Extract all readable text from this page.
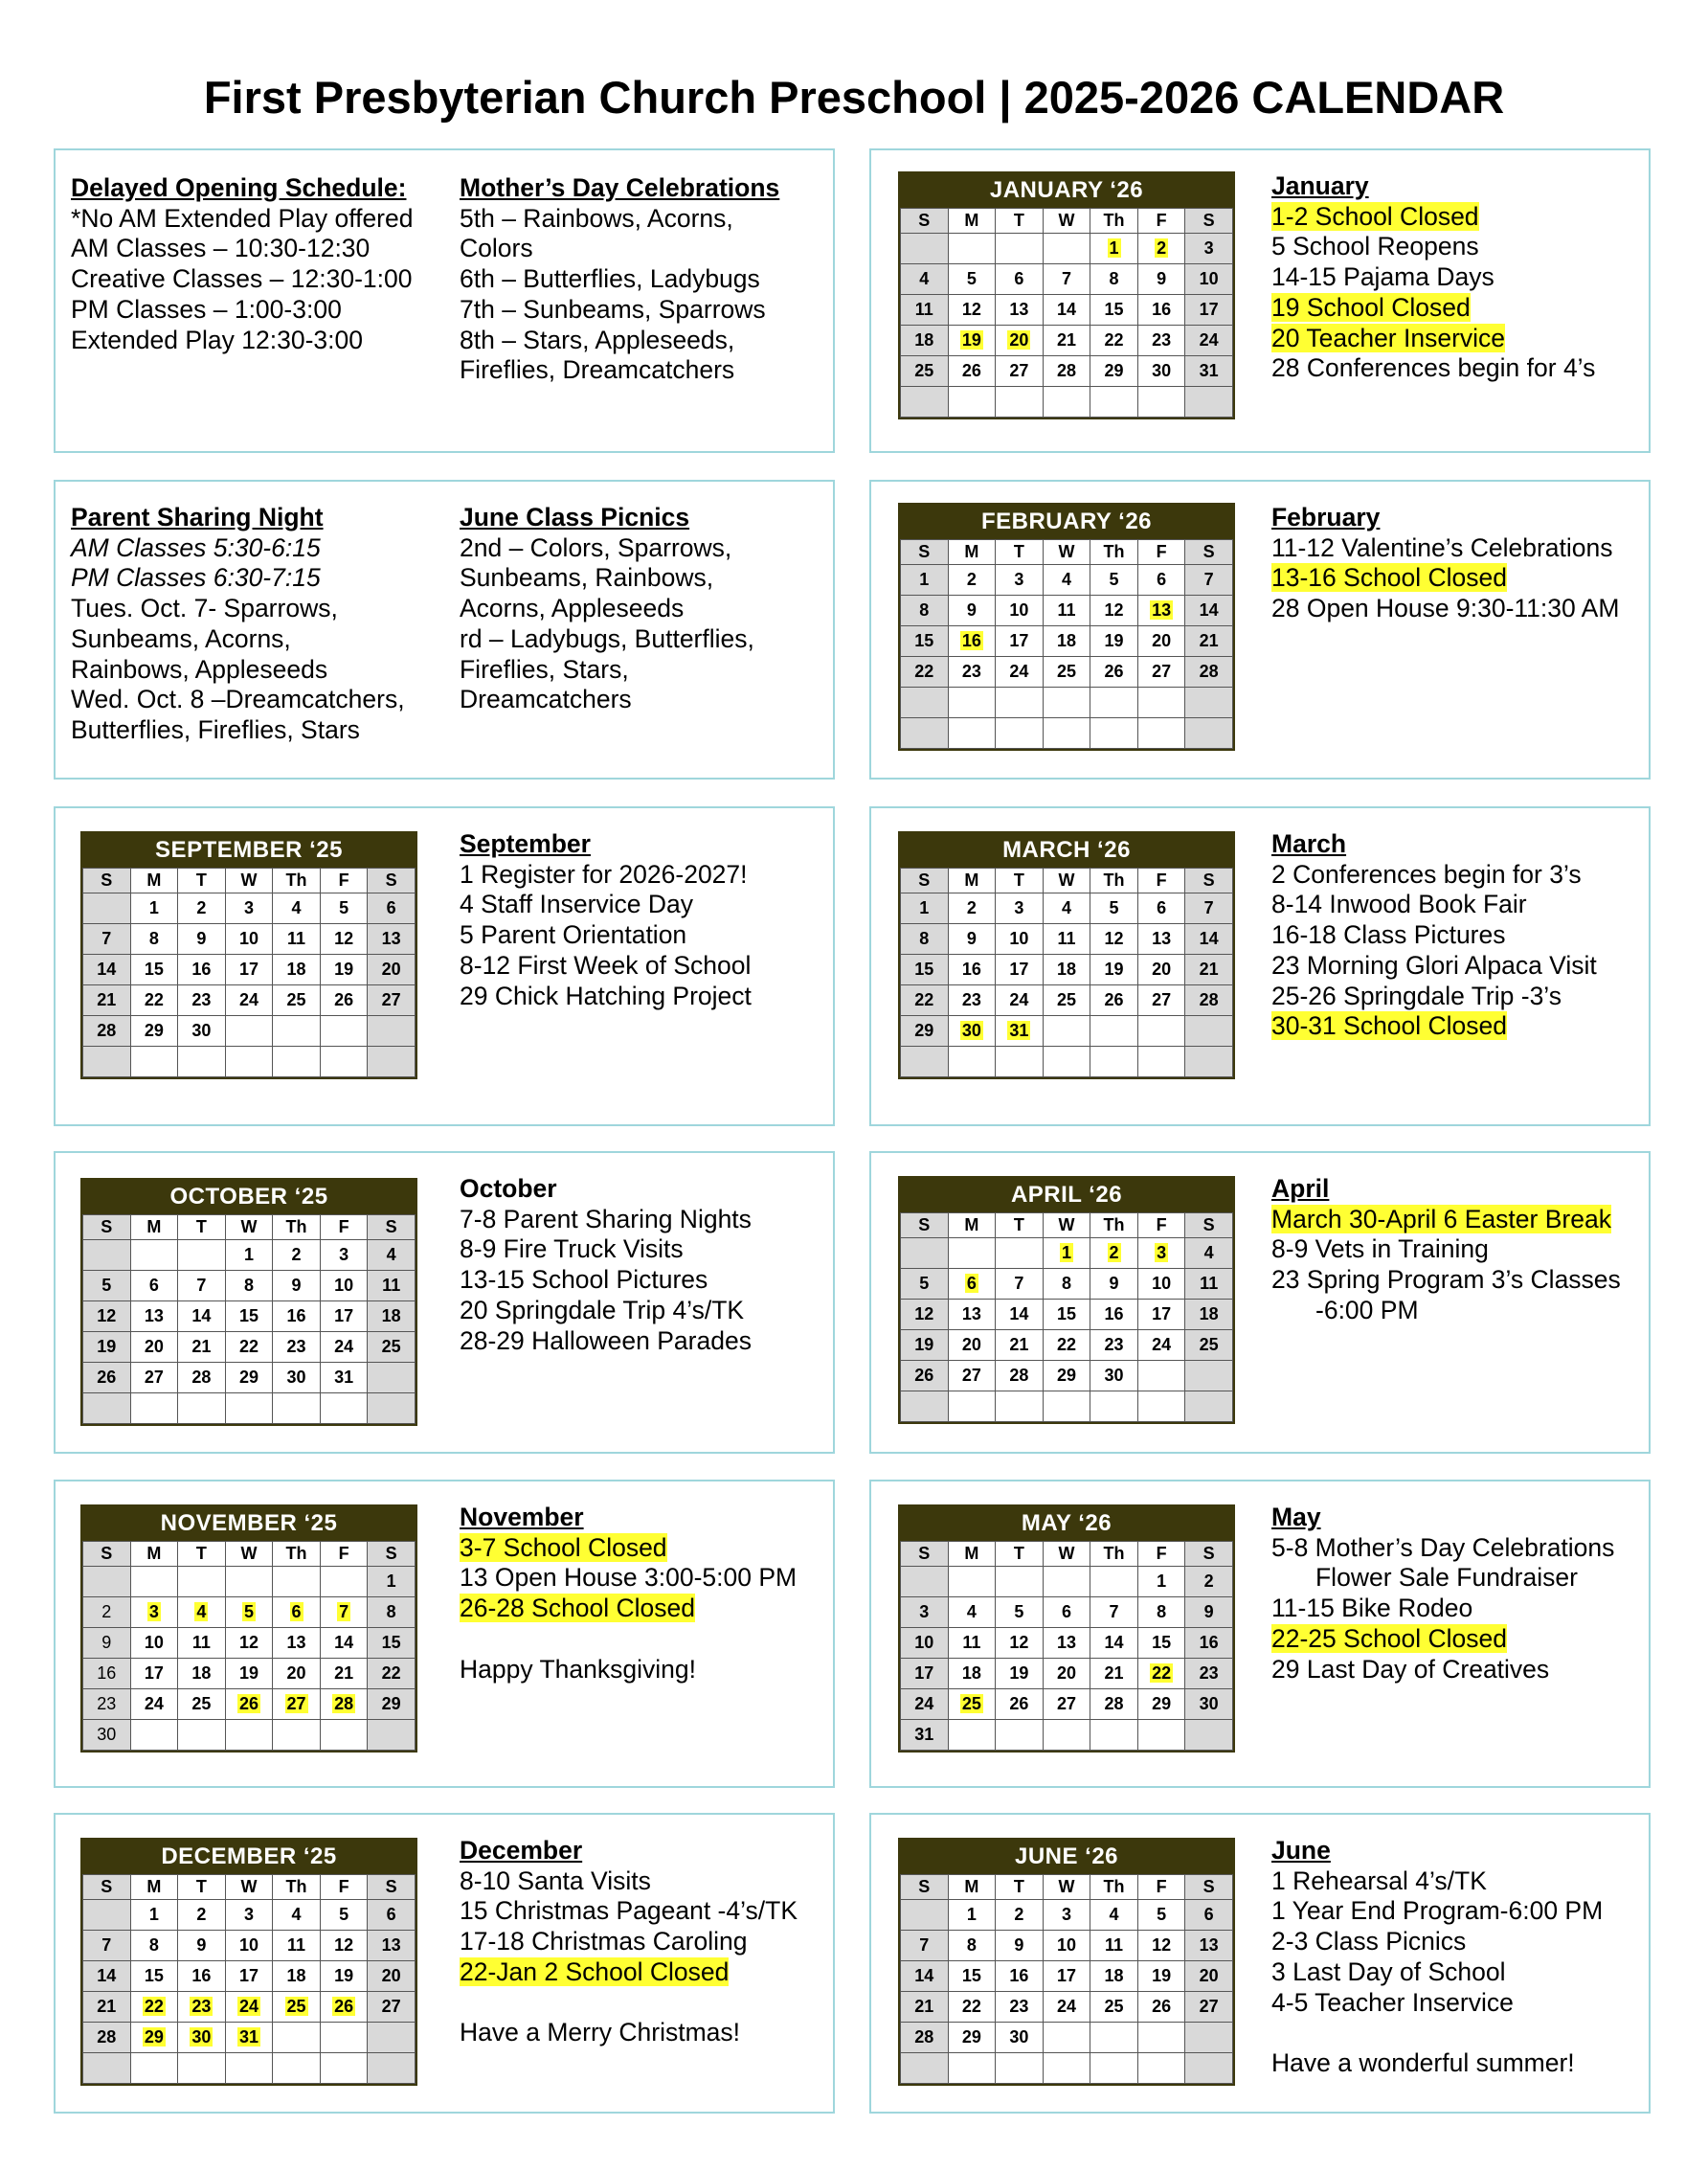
First Presbyterian Church Preschool | 2025-2026 CALENDAR
Delayed Opening Schedule:
*No AM Extended Play offered
AM Classes – 10:30-12:30
Creative Classes – 12:30-1:00
PM Classes – 1:00-3:00
Extended Play 12:30-3:00
Mother’s Day Celebrations
5th – Rainbows, Acorns,
Colors
6th – Butterflies, Ladybugs
7th – Sunbeams, Sparrows
8th – Stars, Appleseeds,
Fireflies, Dreamcatchers
Parent Sharing Night
AM Classes 5:30-6:15
PM Classes 6:30-7:15
Tues. Oct. 7- Sparrows,
Sunbeams, Acorns,
Rainbows, Appleseeds
Wed. Oct. 8 –Dreamcatchers,
Butterflies, Fireflies, Stars
June Class Picnics
2nd – Colors, Sparrows,
Sunbeams, Rainbows,
Acorns, Appleseeds
rd – Ladybugs, Butterflies,
Fireflies, Stars,
Dreamcatchers
SEPTEMBER ‘25
S	M	T	W	Th	F	S
	1	2	3	4	5	6
7	8	9	10	11	12	13
14	15	16	17	18	19	20
21	22	23	24	25	26	27
28	29	30				

September
1 Register for 2026-2027!
4 Staff Inservice Day
5 Parent Orientation
8-12 First Week of School
29 Chick Hatching Project
OCTOBER ‘25
S	M	T	W	Th	F	S
			1	2	3	4
5	6	7	8	9	10	11
12	13	14	15	16	17	18
19	20	21	22	23	24	25
26	27	28	29	30	31	

October
7-8 Parent Sharing Nights
8-9 Fire Truck Visits
13-15 School Pictures
20 Springdale Trip 4’s/TK
28-29 Halloween Parades
NOVEMBER ‘25
S	M	T	W	Th	F	S
						1
2	3	4	5	6	7	8
9	10	11	12	13	14	15
16	17	18	19	20	21	22
23	24	25	26	27	28	29
30						
November
3-7 School Closed
13 Open House 3:00-5:00 PM
26-28 School Closed
Happy Thanksgiving!
DECEMBER ‘25
S	M	T	W	Th	F	S
	1	2	3	4	5	6
7	8	9	10	11	12	13
14	15	16	17	18	19	20
21	22	23	24	25	26	27
28	29	30	31			

December
8-10 Santa Visits
15 Christmas Pageant -4’s/TK
17-18 Christmas Caroling
22-Jan 2 School Closed
Have a Merry Christmas!
JANUARY ‘26
S	M	T	W	Th	F	S
				1	2	3
4	5	6	7	8	9	10
11	12	13	14	15	16	17
18	19	20	21	22	23	24
25	26	27	28	29	30	31

January
1-2 School Closed
5 School Reopens
14-15 Pajama Days
19 School Closed
20 Teacher Inservice
28 Conferences begin for 4’s
FEBRUARY ‘26
S	M	T	W	Th	F	S
1	2	3	4	5	6	7
8	9	10	11	12	13	14
15	16	17	18	19	20	21
22	23	24	25	26	27	28

February
11-12 Valentine’s Celebrations
13-16 School Closed
28 Open House 9:30-11:30 AM
MARCH ‘26
S	M	T	W	Th	F	S
1	2	3	4	5	6	7
8	9	10	11	12	13	14
15	16	17	18	19	20	21
22	23	24	25	26	27	28
29	30	31				

March
2 Conferences begin for 3’s
8-14 Inwood Book Fair
16-18 Class Pictures
23 Morning Glori Alpaca Visit
25-26 Springdale Trip -3’s
30-31 School Closed
APRIL ‘26
S	M	T	W	Th	F	S
			1	2	3	4
5	6	7	8	9	10	11
12	13	14	15	16	17	18
19	20	21	22	23	24	25
26	27	28	29	30		

April
March 30-April 6 Easter Break
8-9 Vets in Training
23 Spring Program 3’s Classes
-6:00 PM
MAY ‘26
S	M	T	W	Th	F	S
					1	2
3	4	5	6	7	8	9
10	11	12	13	14	15	16
17	18	19	20	21	22	23
24	25	26	27	28	29	30
31						
May
5-8 Mother’s Day Celebrations
Flower Sale Fundraiser
11-15 Bike Rodeo
22-25 School Closed
29 Last Day of Creatives
JUNE ‘26
S	M	T	W	Th	F	S
	1	2	3	4	5	6
7	8	9	10	11	12	13
14	15	16	17	18	19	20
21	22	23	24	25	26	27
28	29	30				

June
1 Rehearsal 4’s/TK
1 Year End Program-6:00 PM
2-3 Class Picnics
3 Last Day of School
4-5 Teacher Inservice
Have a wonderful summer!
